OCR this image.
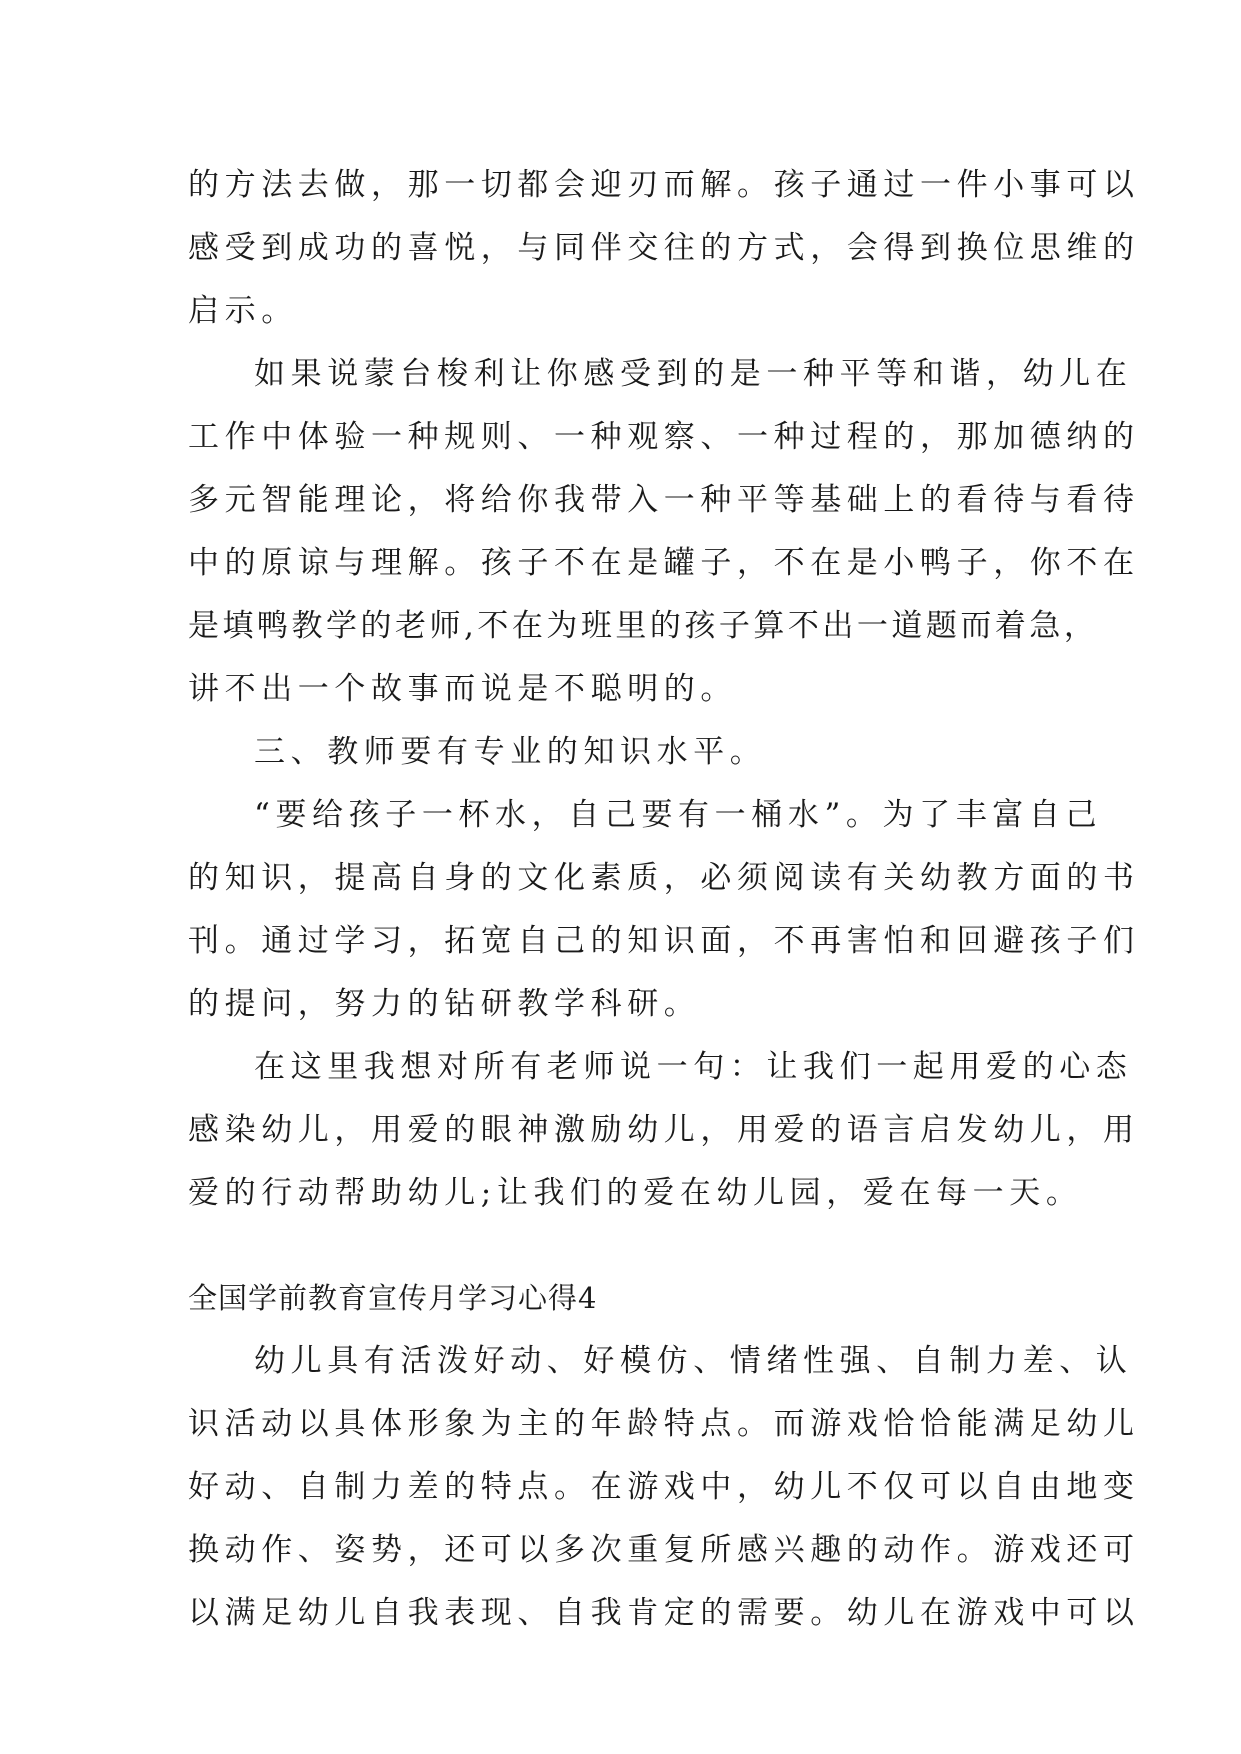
的方法去做，那一切都会迎刃而解。孩子通过一件小事可以

感受到成功的喜悦，与同伴交往的方式，会得到换位思维的

启示。

如果说蒙台梭利让你感受到的是一种平等和谐，幼儿在

工作中体验一种规则、一种观察、一种过程的，那加德纳的

多元智能理论，将给你我带入一种平等基础上的看待与看待

中的原谅与理解。孩子不在是罐子，不在是小鸭子，你不在

是填鸭教学的老师,不在为班里的孩子算不出一道题而着急，

讲不出一个故事而说是不聪明的。

三、教师要有专业的知识水平。

“要给孩子一杯水，自己要有一桶水”。为了丰富自己

的知识，提高自身的文化素质，必须阅读有关幼教方面的书

刊。通过学习，拓宽自己的知识面，不再害怕和回避孩子们

的提问，努力的钻研教学科研。

在这里我想对所有老师说一句：让我们一起用爱的心态

感染幼儿，用爱的眼神激励幼儿，用爱的语言启发幼儿，用

爱的行动帮助幼儿;让我们的爱在幼儿园，爱在每一天。

全国学前教育宣传月学习心得4

幼儿具有活泼好动、好模仿、情绪性强、自制力差、认

识活动以具体形象为主的年龄特点。而游戏恰恰能满足幼儿

好动、自制力差的特点。在游戏中，幼儿不仅可以自由地变

换动作、姿势，还可以多次重复所感兴趣的动作。游戏还可

以满足幼儿自我表现、自我肯定的需要。幼儿在游戏中可以
